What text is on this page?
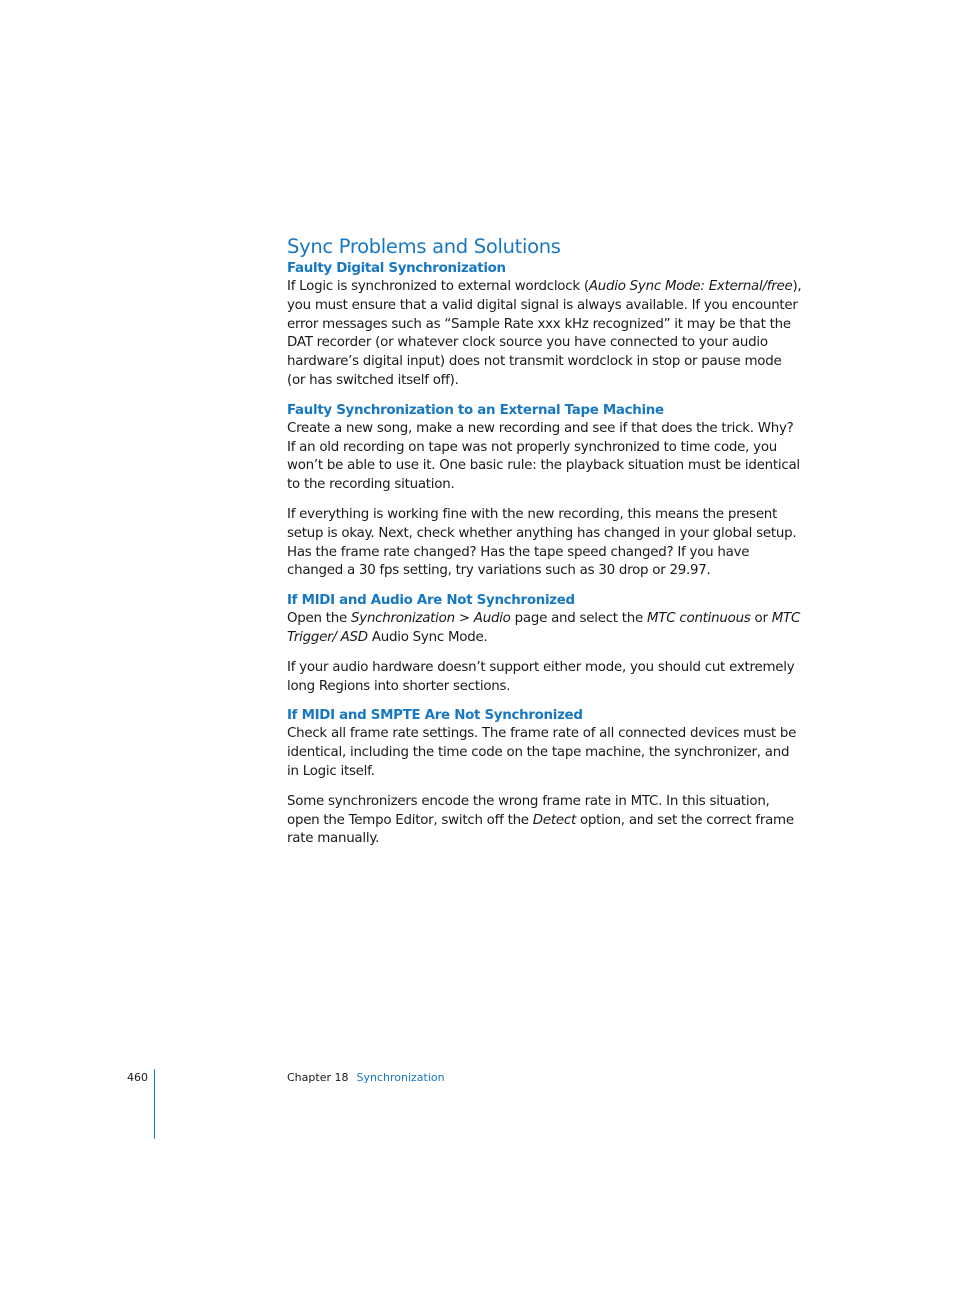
Sync Problems and Solutions
Faulty Digital Synchronization

If Logic is synchronized to external wordclock (Audio Sync Mode: External/free), you must ensure that a valid digital signal is always available. If you encounter error messages such as “Sample Rate xxx kHz recognized” it may be that the DAT recorder (or whatever clock source you have connected to your audio hardware’s digital input) does not transmit wordclock in stop or pause mode (or has switched itself off).

Faulty Synchronization to an External Tape Machine

Create a new song, make a new recording and see if that does the trick. Why? If an old recording on tape was not properly synchronized to time code, you won’t be able to use it. One basic rule: the playback situation must be identical to the recording situation.

If everything is working fine with the new recording, this means the present setup is okay. Next, check whether anything has changed in your global setup. Has the frame rate changed? Has the tape speed changed? If you have changed a 30 fps setting, try variations such as 30 drop or 29.97.

If MIDI and Audio Are Not Synchronized

Open the Synchronization > Audio page and select the MTC continuous or MTC Trigger/ ASD Audio Sync Mode.

If your audio hardware doesn’t support either mode, you should cut extremely long Regions into shorter sections.

If MIDI and SMPTE Are Not Synchronized

Check all frame rate settings. The frame rate of all connected devices must be identical, including the time code on the tape machine, the synchronizer, and in Logic itself.

Some synchronizers encode the wrong frame rate in MTC. In this situation, open the Tempo Editor, switch off the Detect option, and set the correct frame rate manually.

460	Chapter 18 Synchronization
